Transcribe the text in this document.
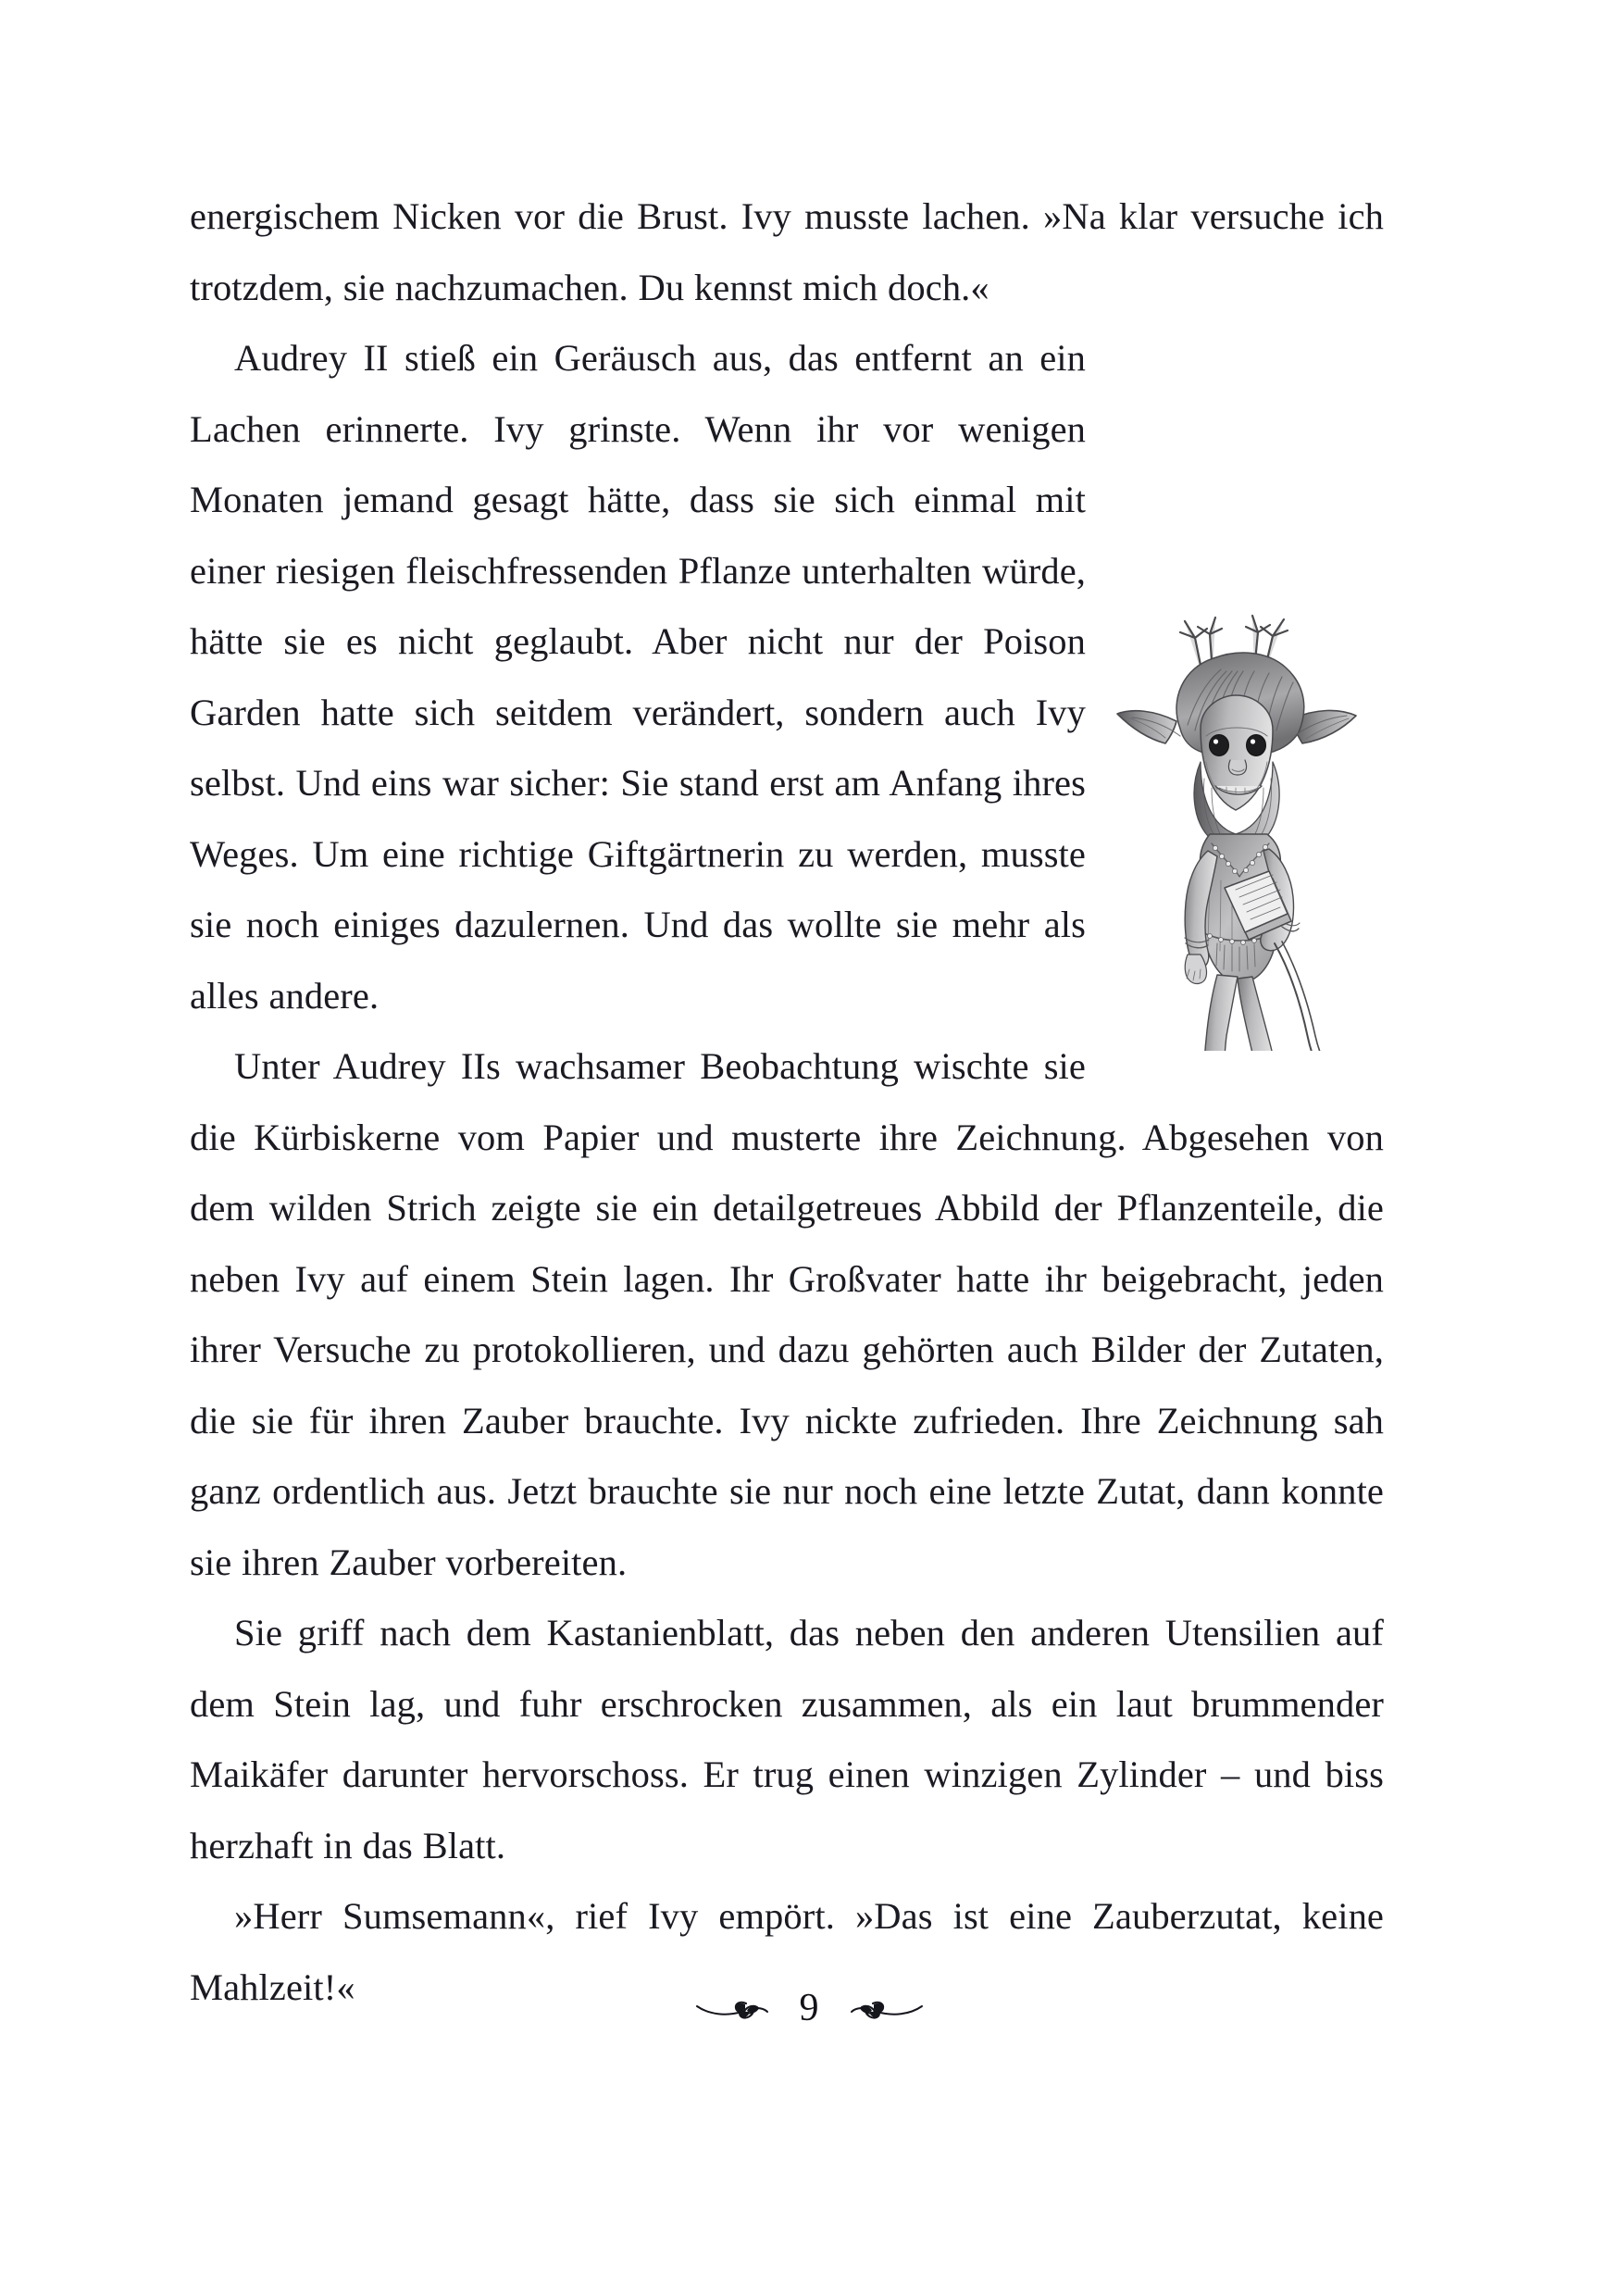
energischem Nicken vor die Brust. Ivy musste lachen. »Na klar versuche ich trotzdem, sie nachzumachen. Du kennst mich doch.«

Audrey II stieß ein Geräusch aus, das entfernt an ein Lachen erinnerte. Ivy grinste. Wenn ihr vor wenigen Monaten jemand gesagt hätte, dass sie sich einmal mit einer riesigen fleischfressenden Pflanze unterhalten würde, hätte sie es nicht geglaubt. Aber nicht nur der Poison Garden hatte sich seitdem verändert, sondern auch Ivy selbst. Und eins war sicher: Sie stand erst am Anfang ihres Weges. Um eine richtige Giftgärtnerin zu werden, musste sie noch einiges dazulernen. Und das wollte sie mehr als alles andere.

Unter Audrey IIs wachsamer Beobachtung wischte sie die Kürbiskerne vom Papier und musterte ihre Zeichnung. Abgesehen von dem wilden Strich zeigte sie ein detailgetreues Abbild der Pflanzenteile, die neben Ivy auf einem Stein lagen. Ihr Großvater hatte ihr beigebracht, jeden ihrer Versuche zu protokollieren, und dazu gehörten auch Bilder der Zutaten, die sie für ihren Zauber brauchte. Ivy nickte zufrieden. Ihre Zeichnung sah ganz ordentlich aus. Jetzt brauchte sie nur noch eine letzte Zutat, dann konnte sie ihren Zauber vorbereiten.

Sie griff nach dem Kastanienblatt, das neben den anderen Utensilien auf dem Stein lag, und fuhr erschrocken zusammen, als ein laut brummender Maikäfer darunter hervorschoss. Er trug einen winzigen Zylinder – und biss herzhaft in das Blatt.

»Herr Sumsemann«, rief Ivy empört. »Das ist eine Zauberzutat, keine Mahlzeit!«	9
